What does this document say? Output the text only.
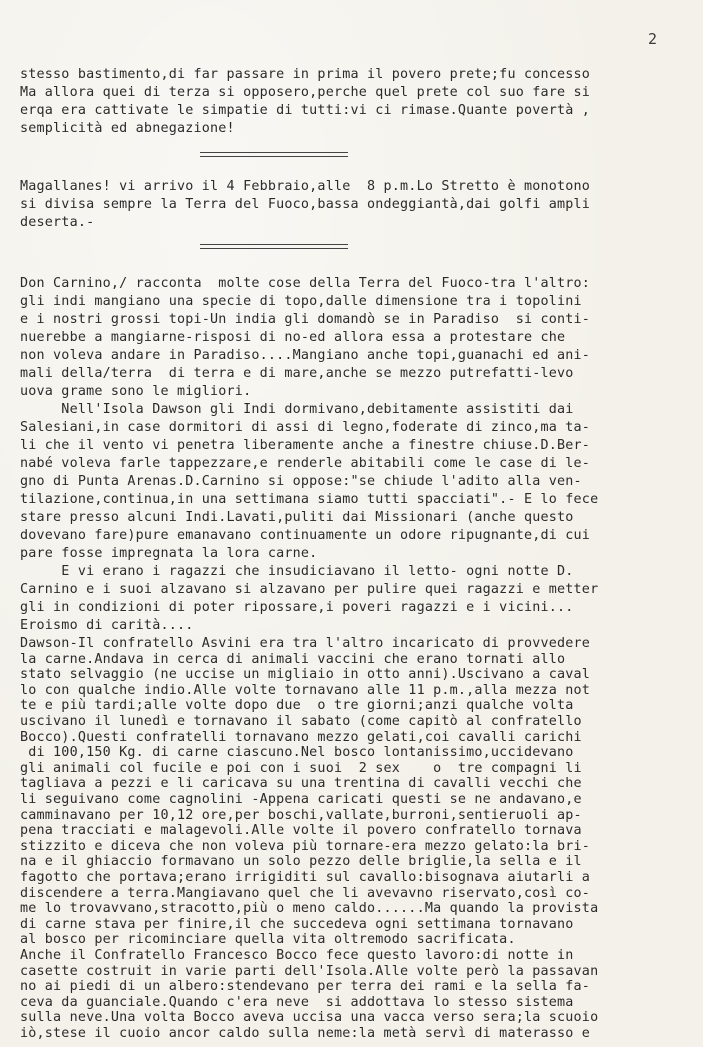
2
stesso bastimento,di far passare in prima il povero prete;fu concesso
Ma allora quei di terza si opposero,perche quel prete col suo fare si
erqa era cattivate le simpatie di tutti:vi ci rimase.Quante povertà ,
semplicità ed abnegazione!
Magallanes! vi arrivo il 4 Febbraio,alle  8 p.m.Lo Stretto è monotono
si divisa sempre la Terra del Fuoco,bassa ondeggiantà,dai golfi ampli
deserta.-
Don Carnino,/ racconta  molte cose della Terra del Fuoco-tra l'altro:
gli indi mangiano una specie di topo,dalle dimensione tra i topolini
e i nostri grossi topi-Un india gli domandò se in Paradiso  si conti-
nuerebbe a mangiarne-risposi di no-ed allora essa a protestare che
non voleva andare in Paradiso....Mangiano anche topi,guanachi ed ani-
mali della/terra  di terra e di mare,anche se mezzo putrefatti-levo
uova grame sono le migliori.
Nell'Isola Dawson gli Indi dormivano,debitamente assistiti dai
Salesiani,in case dormitori di assi di legno,foderate di zinco,ma ta-
li che il vento vi penetra liberamente anche a finestre chiuse.D.Ber-
nabé voleva farle tappezzare,e renderle abitabili come le case di le-
gno di Punta Arenas.D.Carnino si oppose:"se chiude l'adito alla ven-
tilazione,continua,in una settimana siamo tutti spacciati".- E lo fece
stare presso alcuni Indi.Lavati,puliti dai Missionari (anche questo
dovevano fare)pure emanavano continuamente un odore ripugnante,di cui
pare fosse impregnata la lora carne.
E vi erano i ragazzi che insudiciavano il letto- ogni notte D.
Carnino e i suoi alzavano si alzavano per pulire quei ragazzi e metter
gli in condizioni di poter ripossare,i poveri ragazzi e i vicini...
Eroismo di carità....
Dawson-Il confratello Asvini era tra l'altro incaricato di provvedere
la carne.Andava in cerca di animali vaccini che erano tornati allo
stato selvaggio (ne uccise un migliaio in otto anni).Uscivano a caval
lo con qualche indio.Alle volte tornavano alle 11 p.m.,alla mezza not
te e più tardi;alle volte dopo due  o tre giorni;anzi qualche volta
uscivano il lunedì e tornavano il sabato (come capitò al confratello
Bocco).Questi confratelli tornavano mezzo gelati,coi cavalli carichi
di 100,150 Kg. di carne ciascuno.Nel bosco lontanissimo,uccidevano
gli animali col fucile e poi con i suoi  2 sex    o  tre compagni li
tagliava a pezzi e li caricava su una trentina di cavalli vecchi che
li seguivano come cagnolini -Appena caricati questi se ne andavano,e
camminavano per 10,12 ore,per boschi,vallate,burroni,sentieruoli ap-
pena tracciati e malagevoli.Alle volte il povero confratello tornava
stizzito e diceva che non voleva più tornare-era mezzo gelato:la bri-
na e il ghiaccio formavano un solo pezzo delle briglie,la sella e il
fagotto che portava;erano irrigiditi sul cavallo:bisognava aiutarli a
discendere a terra.Mangiavano quel che li avevavno riservato,così co-
me lo trovavvano,stracotto,più o meno caldo......Ma quando la provista
di carne stava per finire,il che succedeva ogni settimana tornavano
al bosco per ricominciare quella vita oltremodo sacrificata.
Anche il Confratello Francesco Bocco fece questo lavoro:di notte in
casette costruit in varie parti dell'Isola.Alle volte però la passavan
no ai piedi di un albero:stendevano per terra dei rami e la sella fa-
ceva da guanciale.Quando c'era neve  si addottava lo stesso sistema
sulla neve.Una volta Bocco aveva uccisa una vacca verso sera;la scuoio
iò,stese il cuoio ancor caldo sulla neme:la metà servì di materasso e
